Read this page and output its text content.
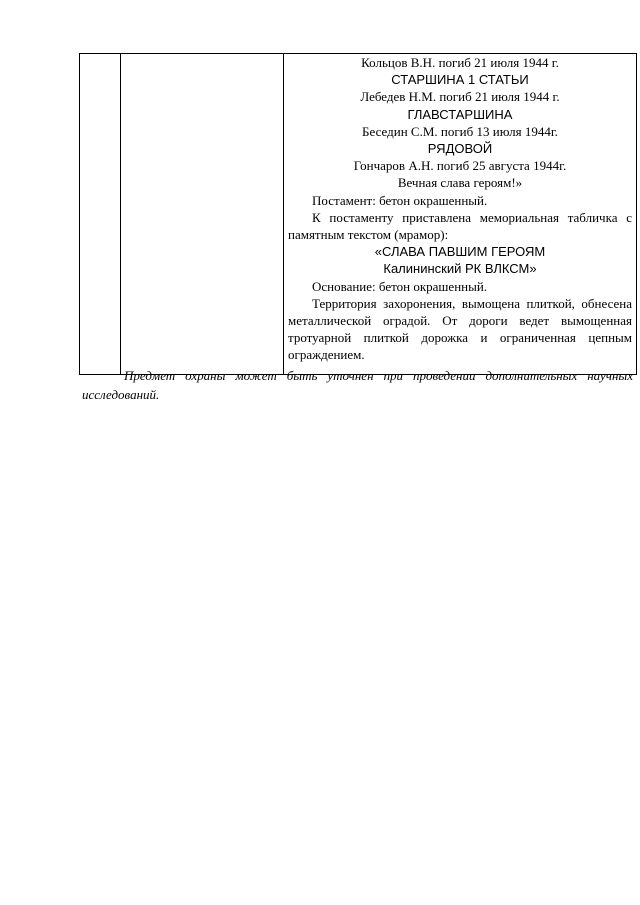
Кольцов В.Н. погиб 21 июля 1944 г.

СТАРШИНА 1 СТАТЬИ

Лебедев Н.М. погиб 21 июля 1944 г.

ГЛАВСТАРШИНА

Беседин С.М. погиб 13 июля 1944г.

РЯДОВОЙ

Гончаров А.Н. погиб 25 августа 1944г.

Вечная слава героям!»

Постамент: бетон окрашенный.

К постаменту приставлена мемориальная табличка с памятным текстом (мрамор):

«СЛАВА ПАВШИМ ГЕРОЯМ

Калининский РК ВЛКСМ»

Основание: бетон окрашенный.

Территория захоронения, вымощена плиткой, обнесена металлической оградой. От дороги ведет вымощенная тротуарной плиткой дорожка и ограниченная цепным ограждением.

Предмет охраны может быть уточнен при проведении дополнительных научных исследований.
